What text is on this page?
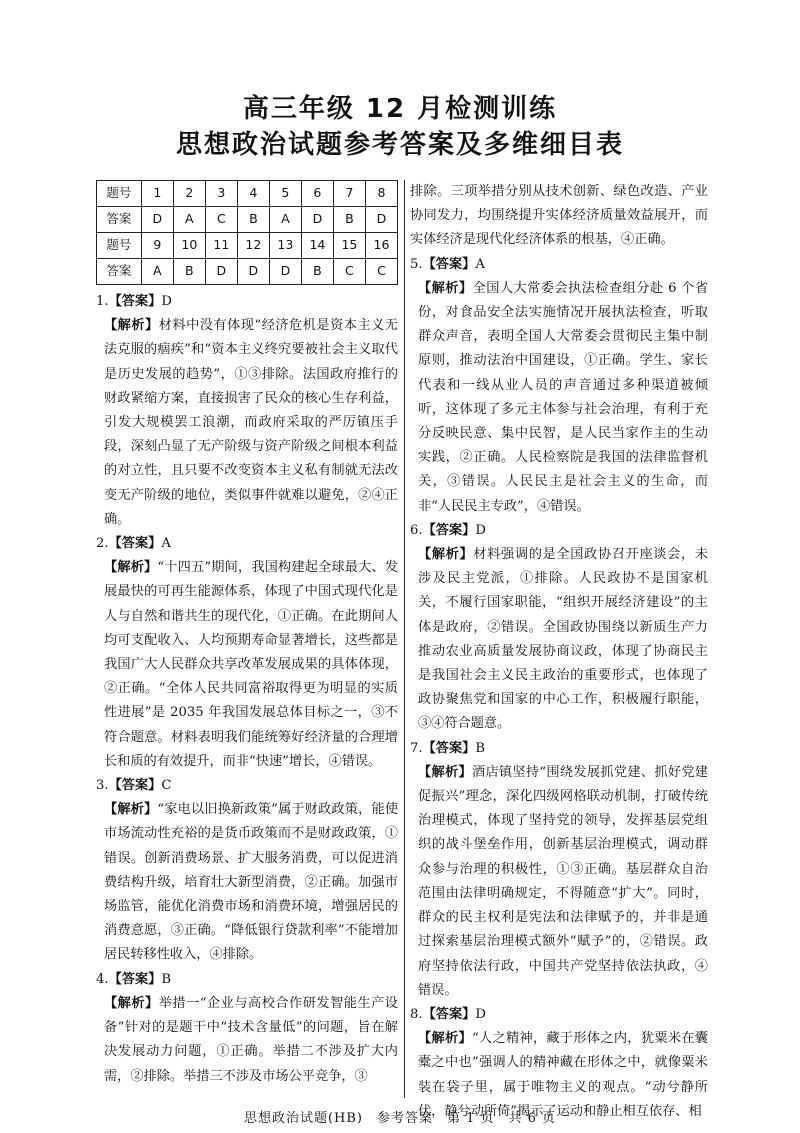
高三年级 12 月检测训练
思想政治试题参考答案及多维细目表
题号	1	2	3	4	5	6	7	8
答案	D	A	C	B	A	D	B	D
题号	9	10	11	12	13	14	15	16
答案	A	B	D	D	D	B	C	C

1.【答案】D

【解析】材料中没有体现“经济危机是资本主义无法克服的痼疾”和“资本主义终究要被社会主义取代是历史发展的趋势”，①③排除。法国政府推行的财政紧缩方案，直接损害了民众的核心生存利益，引发大规模罢工浪潮，而政府采取的严厉镇压手段，深刻凸显了无产阶级与资产阶级之间根本利益的对立性，且只要不改变资本主义私有制就无法改变无产阶级的地位，类似事件就难以避免，②④正确。

2.【答案】A

【解析】“十四五”期间，我国构建起全球最大、发展最快的可再生能源体系，体现了中国式现代化是人与自然和谐共生的现代化，①正确。在此期间人均可支配收入、人均预期寿命显著增长，这些都是我国广大人民群众共享改革发展成果的具体体现，②正确。“全体人民共同富裕取得更为明显的实质性进展”是 2035 年我国发展总体目标之一，③不符合题意。材料表明我们能统筹好经济量的合理增长和质的有效提升，而非“快速”增长，④错误。

3.【答案】C

【解析】“家电以旧换新政策”属于财政政策，能使市场流动性充裕的是货币政策而不是财政政策，①错误。创新消费场景、扩大服务消费，可以促进消费结构升级，培育壮大新型消费，②正确。加强市场监管，能优化消费市场和消费环境，增强居民的消费意愿，③正确。“降低银行贷款利率”不能增加居民转移性收入，④排除。

4.【答案】B

【解析】举措一“企业与高校合作研发智能生产设备”针对的是题干中“技术含量低”的问题，旨在解决发展动力问题，①正确。举措二不涉及扩大内需，②排除。举措三不涉及市场公平竞争，③

排除。三项举措分别从技术创新、绿色改造、产业协同发力，均围绕提升实体经济质量效益展开，而实体经济是现代化经济体系的根基，④正确。

5.【答案】A

【解析】全国人大常委会执法检查组分赴 6 个省份，对食品安全法实施情况开展执法检查，听取群众声音，表明全国人大常委会贯彻民主集中制原则，推动法治中国建设，①正确。学生、家长代表和一线从业人员的声音通过多种渠道被倾听，这体现了多元主体参与社会治理，有利于充分反映民意、集中民智，是人民当家作主的生动实践，②正确。人民检察院是我国的法律监督机关，③错误。人民民主是社会主义的生命，而非“人民民主专政”，④错误。

6.【答案】D

【解析】材料强调的是全国政协召开座谈会，未涉及民主党派，①排除。人民政协不是国家机关，不履行国家职能，“组织开展经济建设”的主体是政府，②错误。全国政协围绕以新质生产力推动农业高质量发展协商议政，体现了协商民主是我国社会主义民主政治的重要形式，也体现了政协聚焦党和国家的中心工作，积极履行职能，③④符合题意。

7.【答案】B

【解析】酒店镇坚持“围绕发展抓党建、抓好党建促振兴”理念，深化四级网格联动机制，打破传统治理模式，体现了坚持党的领导，发挥基层党组织的战斗堡垒作用，创新基层治理模式，调动群众参与治理的积极性，①③正确。基层群众自治范围由法律明确规定，不得随意“扩大”。同时，群众的民主权利是宪法和法律赋予的，并非是通过探索基层治理模式额外“赋予”的，②错误。政府坚持依法行政，中国共产党坚持依法执政，④错误。

8.【答案】D

【解析】“人之精神，藏于形体之内，犹粟米在囊橐之中也”强调人的精神藏在形体之中，就像粟米装在袋子里，属于唯物主义的观点。“动兮静所伏，静兮动所倚”揭示了运动和静止相互依存、相

思想政治试题(HB)　参考答案　第 1 页　共 6 页
